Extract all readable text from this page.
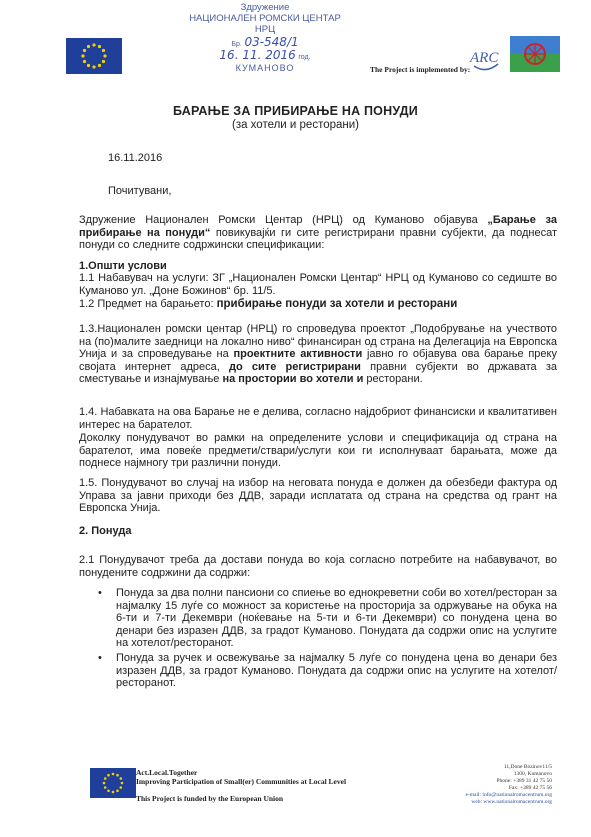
Здружение
НАЦИОНАЛЕН РОМСКИ ЦЕНТАР
НРЦ
Бр. 03-548/1
16. 11. 2016 год.
КУМАНОВО	The Project is implemented by:
ARC
БАРАЊЕ ЗА ПРИБИРАЊЕ НА ПОНУДИ
(за хотели и ресторани)
16.11.2016
Почитувани,
Здружение Национален Ромски Центар (НРЦ) од Куманово објавува „Барање за прибирање на понуди“ повикувајќи ги сите регистрирани правни субјекти, да поднесат понуди со следните содржински спецификации:
1.Општи услови
1.1 Набавувач на услуги: ЗГ „Национален Ромски Центар“ НРЦ од Куманово со седиште во Куманово ул. „Доне Божинов“ бр. 11/5.
1.2 Предмет на барањето: прибирање понуди за хотели и ресторани
1.3.Национален ромски центар (НРЦ) го спроведува проектот „Подобрување на учеството на (по)малите заедници на локално ниво“ финансиран од страна на Делегација на Европска Унија и за спроведување на проектните активности јавно го објавува ова барање преку својата интернет адреса, до сите регистрирани правни субјекти во државата за сместување и изнајмување на простории во хотели и ресторани.
1.4. Набавката на ова Барање не е делива, согласно најдобриот финансиски и квалитативен интерес на барателот.
Доколку понудувачот во рамки на определените услови и спецификација од страна на барателот, има повеќе предмети/ствари/услуги кои ги исполнуваат барањата, може да поднесе најмногу три различни понуди.
1.5. Понудувачот во случај на избор на неговата понуда е должен да обезбеди фактура од Управа за јавни приходи без ДДВ, заради исплатата од страна на средства од грант на Европска Унија.
2. Понуда
2.1 Понудувачот треба да достави понуда во која согласно потребите на набавувачот, во понудените содржини да содржи:
• Понуда за два полни пансиони со спиење во еднокреветни соби во хотел/ресторан за најмалку 15 луѓе со можност за користење на просторија за одржување на обука на 6-ти и 7-ти Декември (ноќевање на 5-ти и 6-ти Декември) со понудена цена во денари без изразен ДДВ, за градот Куманово. Понудата да содржи опис на услугите на хотелот/ресторанот.
• Понуда за ручек и освежување за најмалку 5 луѓе со понудена цена во денари без изразен ДДВ, за градот Куманово. Понудата да содржи опис на услугите на хотелот/ресторанот.
Act.Local.Together
Improving Participation of Small(er) Communities at Local Level
This Project is funded by the European Union
11,Done Bozinov11/5
1300, Kumanovo
Phone: +389 31 42 75 50
Fax: +389 42 75 56
e-mail: info@nationalromacentrum.org
web: www.nationalromacentrum.org
